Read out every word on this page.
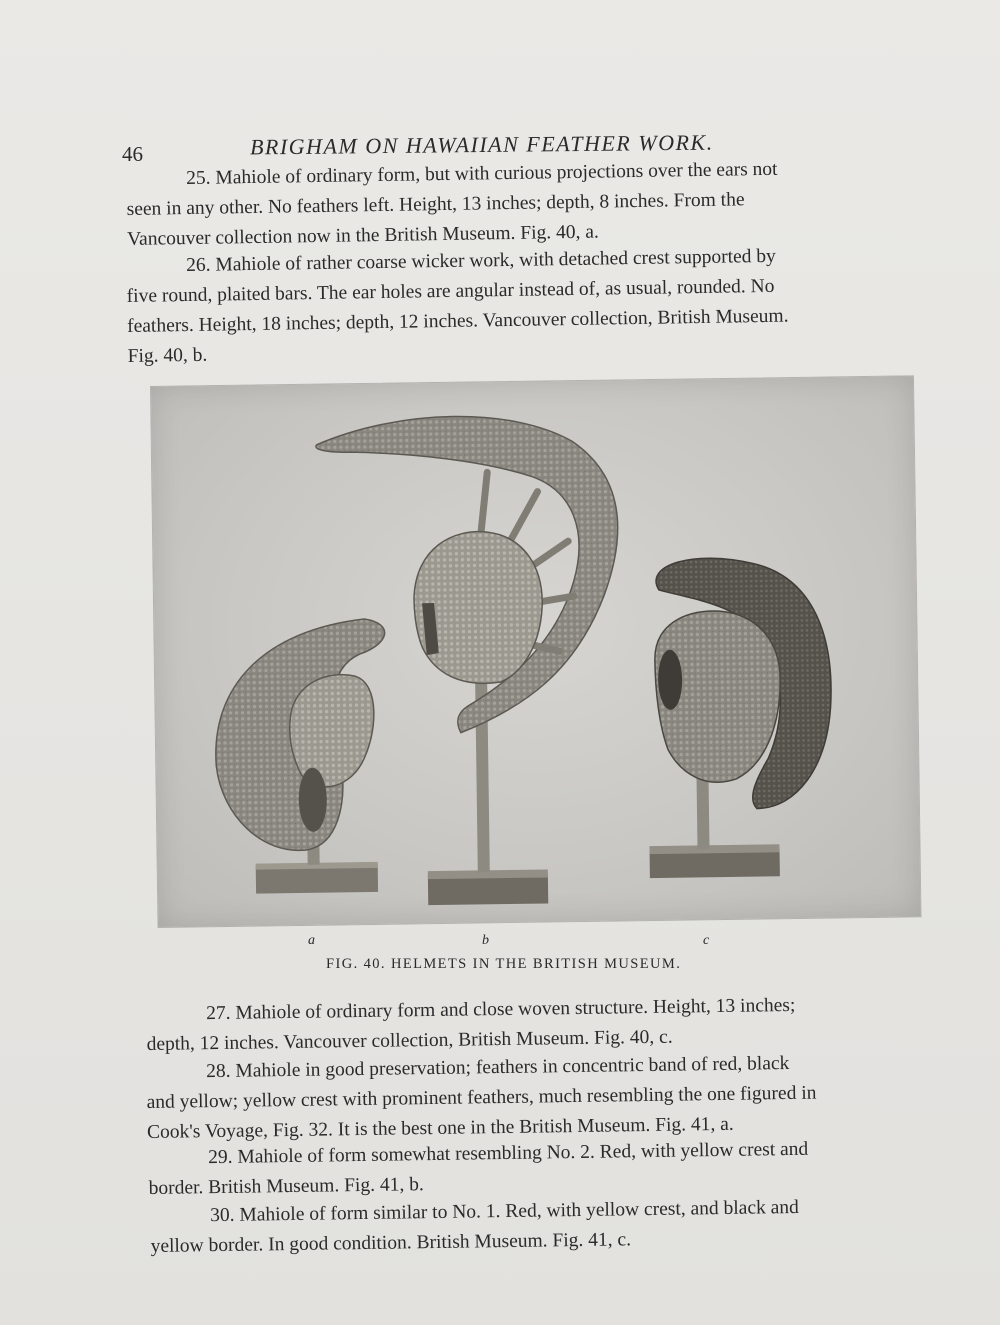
46	BRIGHAM ON HAWAIIAN FEATHER WORK.

25. Mahiole of ordinary form, but with curious projections over the ears not
seen in any other. No feathers left. Height, 13 inches; depth, 8 inches. From the
Vancouver collection now in the British Museum. Fig. 40, a.

26. Mahiole of rather coarse wicker work, with detached crest supported by
five round, plaited bars. The ear holes are angular instead of, as usual, rounded. No
feathers. Height, 18 inches; depth, 12 inches. Vancouver collection, British Museum.
Fig. 40, b.

a	b	c
FIG. 40. HELMETS IN THE BRITISH MUSEUM.

27. Mahiole of ordinary form and close woven structure. Height, 13 inches;
depth, 12 inches. Vancouver collection, British Museum. Fig. 40, c.

28. Mahiole in good preservation; feathers in concentric band of red, black
and yellow; yellow crest with prominent feathers, much resembling the one figured in
Cook's Voyage, Fig. 32. It is the best one in the British Museum. Fig. 41, a.

29. Mahiole of form somewhat resembling No. 2. Red, with yellow crest and
border. British Museum. Fig. 41, b.

30. Mahiole of form similar to No. 1. Red, with yellow crest, and black and
yellow border. In good condition. British Museum. Fig. 41, c.
